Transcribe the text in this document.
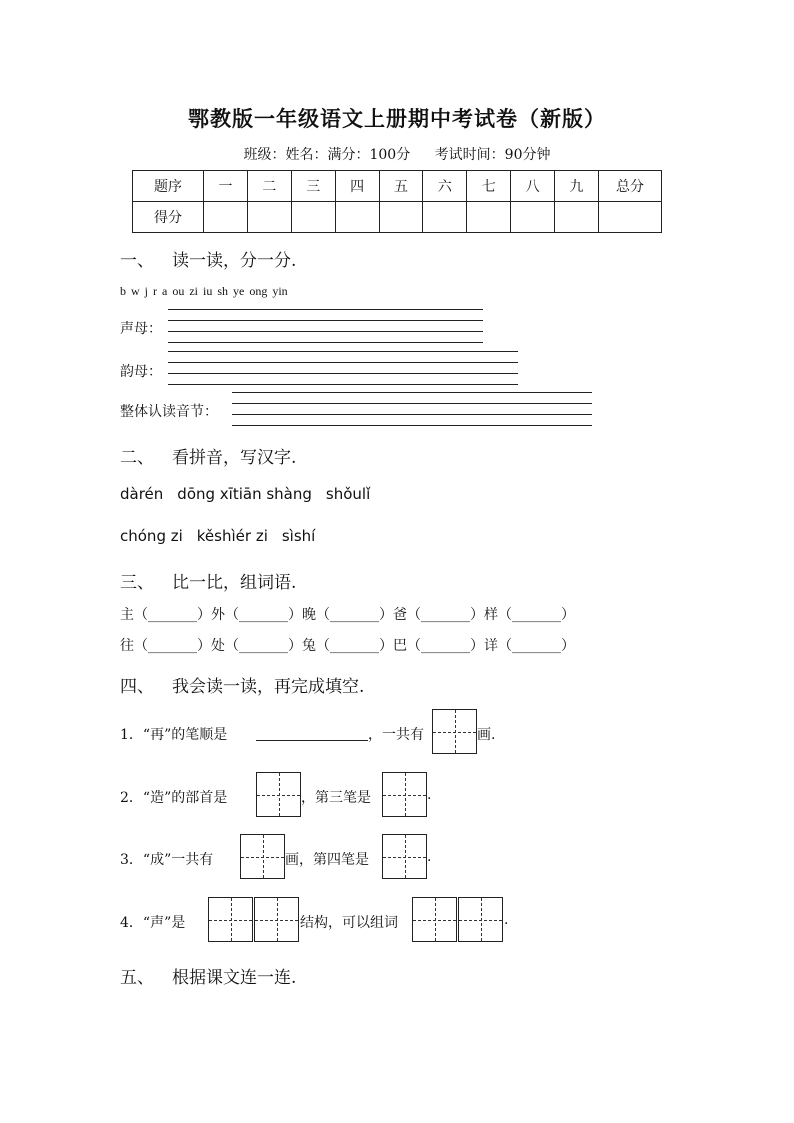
鄂教版一年级语文上册期中考试卷（新版）
班级：姓名：满分：100分 考试时间：90分钟
题序	一	二	三	四	五	六	七	八	九	总分
得分										
一、 读一读，分一分.
b w j r a ou zi iu sh ye ong yin
声母：
韵母：
整体认读音节：
二、 看拼音，写汉字.
dàrén dōng xītiān shàng shǒulǐ
chóng zi kěshìér zi sìshí
三、 比一比，组词语.
主（_______）外（_______）晚（_______）爸（_______）样（_______）
往（_______）处（_______）兔（_______）巴（_______）详（_______）
四、 我会读一读，再完成填空.
1．“再”的笔顺是	，一共有	画.
2．“造”的部首是	，第三笔是	.
3．“成”一共有	画，第四笔是	.
4．“声”是	结构，可以组词	.
五、 根据课文连一连.
